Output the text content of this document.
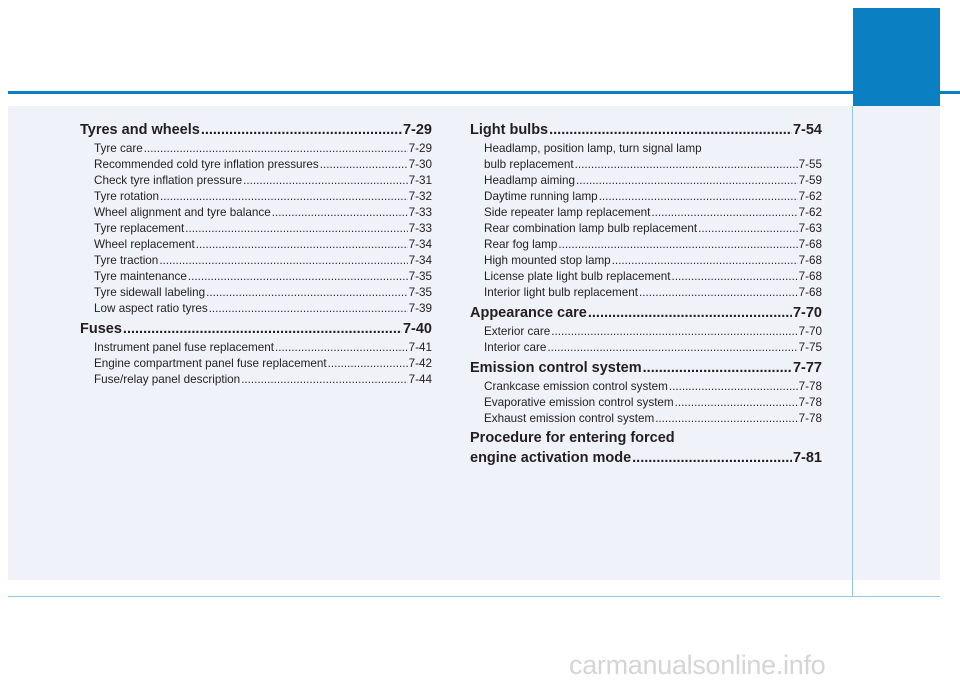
Tyres and wheels .....	7-29
Tyre care .....	7-29
Recommended cold tyre inflation pressures .....	7-30
Check tyre inflation pressure .....	7-31
Tyre rotation .....	7-32
Wheel alignment and tyre balance .....	7-33
Tyre replacement .....	7-33
Wheel replacement .....	7-34
Tyre traction .....	7-34
Tyre maintenance .....	7-35
Tyre sidewall labeling .....	7-35
Low aspect ratio tyres .....	7-39
Fuses .....	7-40
Instrument panel fuse replacement .....	7-41
Engine compartment panel fuse replacement .....	7-42
Fuse/relay panel description .....	7-44
Light bulbs .....	7-54
Headlamp, position lamp, turn signal lamp
bulb replacement .....	7-55
Headlamp aiming .....	7-59
Daytime running lamp .....	7-62
Side repeater lamp replacement .....	7-62
Rear combination lamp bulb replacement .....	7-63
Rear fog lamp .....	7-68
High mounted stop lamp .....	7-68
License plate light bulb replacement .....	7-68
Interior light bulb replacement .....	7-68
Appearance care .....	7-70
Exterior care .....	7-70
Interior care .....	7-75
Emission control system .....	7-77
Crankcase emission control system .....	7-78
Evaporative emission control system .....	7-78
Exhaust emission control system .....	7-78
Procedure for entering forced
engine activation mode .....	7-81
carmanualsonline.info
